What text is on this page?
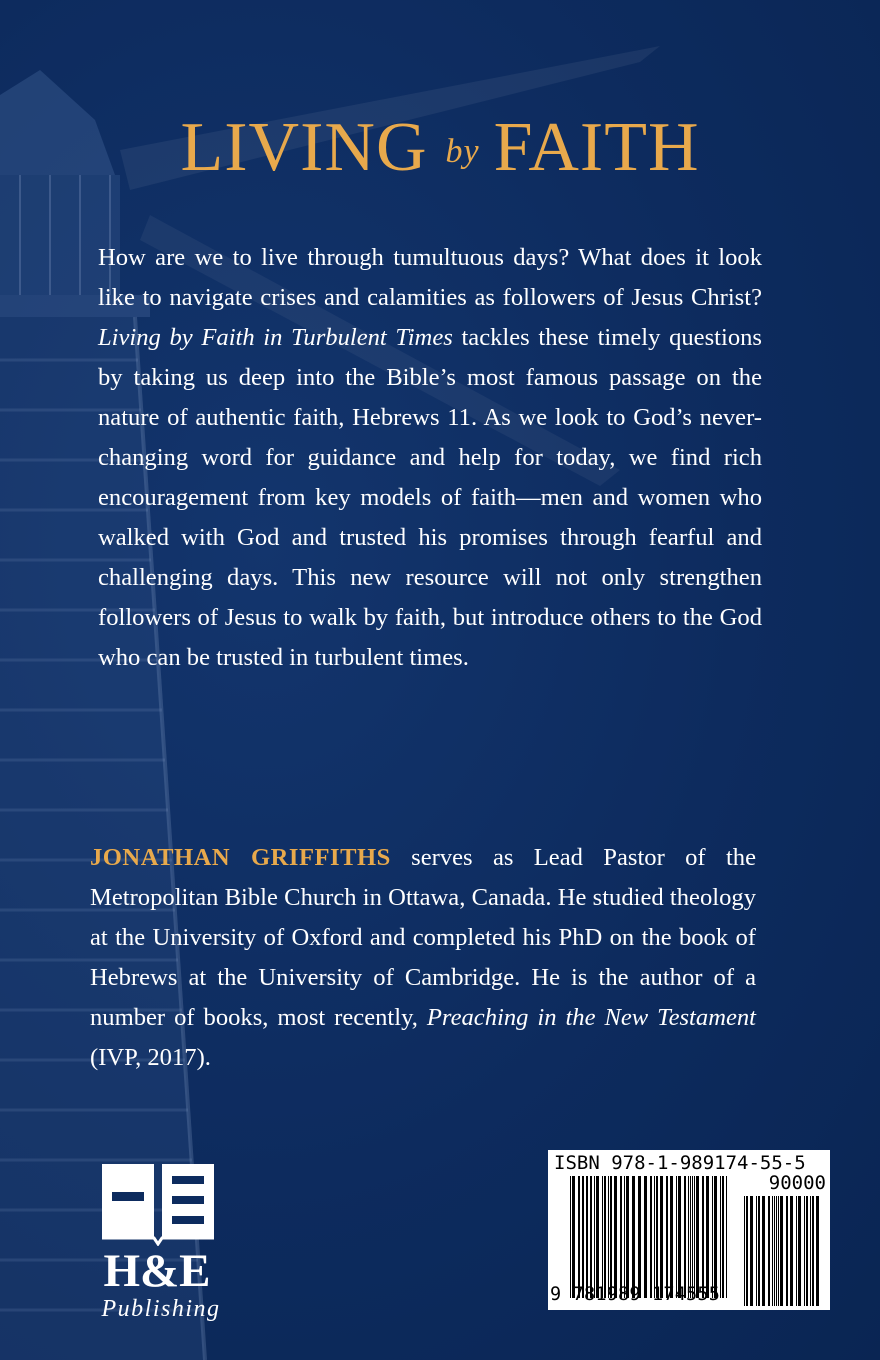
LIVING by FAITH

How are we to live through tumultuous days? What does it look like to navigate crises and calamities as followers of Jesus Christ? Living by Faith in Turbulent Times tackles these timely questions by taking us deep into the Bible’s most famous passage on the nature of authentic faith, Hebrews 11. As we look to God’s never-changing word for guidance and help for today, we find rich encouragement from key models of faith—men and women who walked with God and trusted his promises through fearful and challenging days. This new resource will not only strengthen followers of Jesus to walk by faith, but introduce others to the God who can be trusted in turbulent times.

JONATHAN GRIFFITHS serves as Lead Pastor of the Metropolitan Bible Church in Ottawa, Canada. He studied theology at the University of Oxford and completed his PhD on the book of Hebrews at the University of Cambridge. He is the author of a number of books, most recently, Preaching in the New Testament (IVP, 2017).

H&E
Publishing
ISBN 978-1-989174-55-5
90000
9 781989 174555
